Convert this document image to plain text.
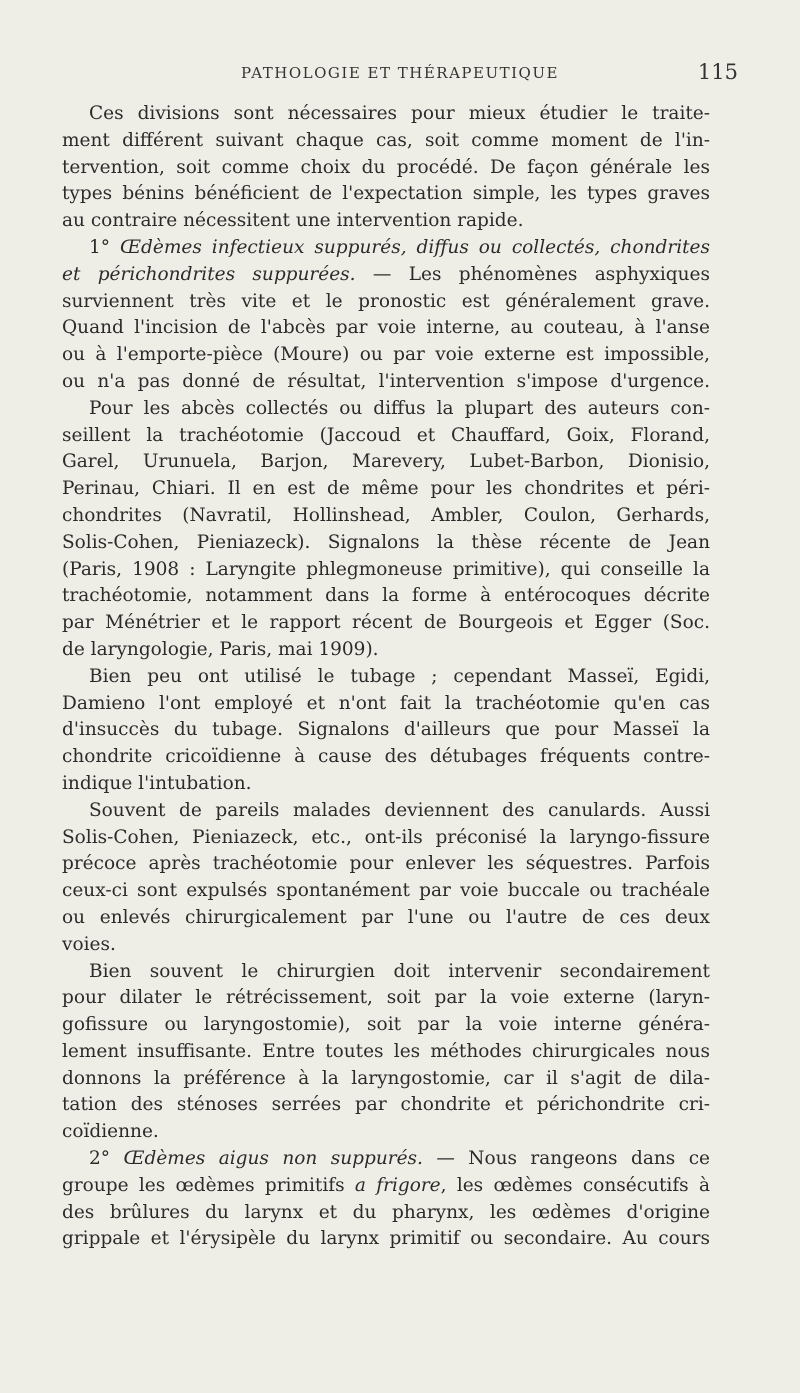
PATHOLOGIE ET THÉRAPEUTIQUE	115

Ces divisions sont nécessaires pour mieux étudier le traite-

ment différent suivant chaque cas, soit comme moment de l'in-

tervention, soit comme choix du procédé. De façon générale les

types bénins bénéficient de l'expectation simple, les types graves

au contraire nécessitent une intervention rapide.

1° Œdèmes infectieux suppurés, diffus ou collectés, chondrites

et périchondrites suppurées. — Les phénomènes asphyxiques

surviennent très vite et le pronostic est généralement grave.

Quand l'incision de l'abcès par voie interne, au couteau, à l'anse

ou à l'emporte-pièce (Moure) ou par voie externe est impossible,

ou n'a pas donné de résultat, l'intervention s'impose d'urgence.

Pour les abcès collectés ou diffus la plupart des auteurs con-

seillent la trachéotomie (Jaccoud et Chauffard, Goix, Florand,

Garel, Urunuela, Barjon, Marevery, Lubet-Barbon, Dionisio,

Perinau, Chiari. Il en est de même pour les chondrites et péri-

chondrites (Navratil, Hollinshead, Ambler, Coulon, Gerhards,

Solis-Cohen, Pieniazeck). Signalons la thèse récente de Jean

(Paris, 1908 : Laryngite phlegmoneuse primitive), qui conseille la

trachéotomie, notamment dans la forme à entérocoques décrite

par Ménétrier et le rapport récent de Bourgeois et Egger (Soc.

de laryngologie, Paris, mai 1909).

Bien peu ont utilisé le tubage ; cependant Masseï, Egidi,

Damieno l'ont employé et n'ont fait la trachéotomie qu'en cas

d'insuccès du tubage. Signalons d'ailleurs que pour Masseï la

chondrite cricoïdienne à cause des détubages fréquents contre-

indique l'intubation.

Souvent de pareils malades deviennent des canulards. Aussi

Solis-Cohen, Pieniazeck, etc., ont-ils préconisé la laryngo-fissure

précoce après trachéotomie pour enlever les séquestres. Parfois

ceux-ci sont expulsés spontanément par voie buccale ou trachéale

ou enlevés chirurgicalement par l'une ou l'autre de ces deux

voies.

Bien souvent le chirurgien doit intervenir secondairement

pour dilater le rétrécissement, soit par la voie externe (laryn-

gofissure ou laryngostomie), soit par la voie interne généra-

lement insuffisante. Entre toutes les méthodes chirurgicales nous

donnons la préférence à la laryngostomie, car il s'agit de dila-

tation des sténoses serrées par chondrite et périchondrite cri-

coïdienne.

2° Œdèmes aigus non suppurés. — Nous rangeons dans ce

groupe les œdèmes primitifs a frigore, les œdèmes consécutifs à

des brûlures du larynx et du pharynx, les œdèmes d'origine

grippale et l'érysipèle du larynx primitif ou secondaire. Au cours
